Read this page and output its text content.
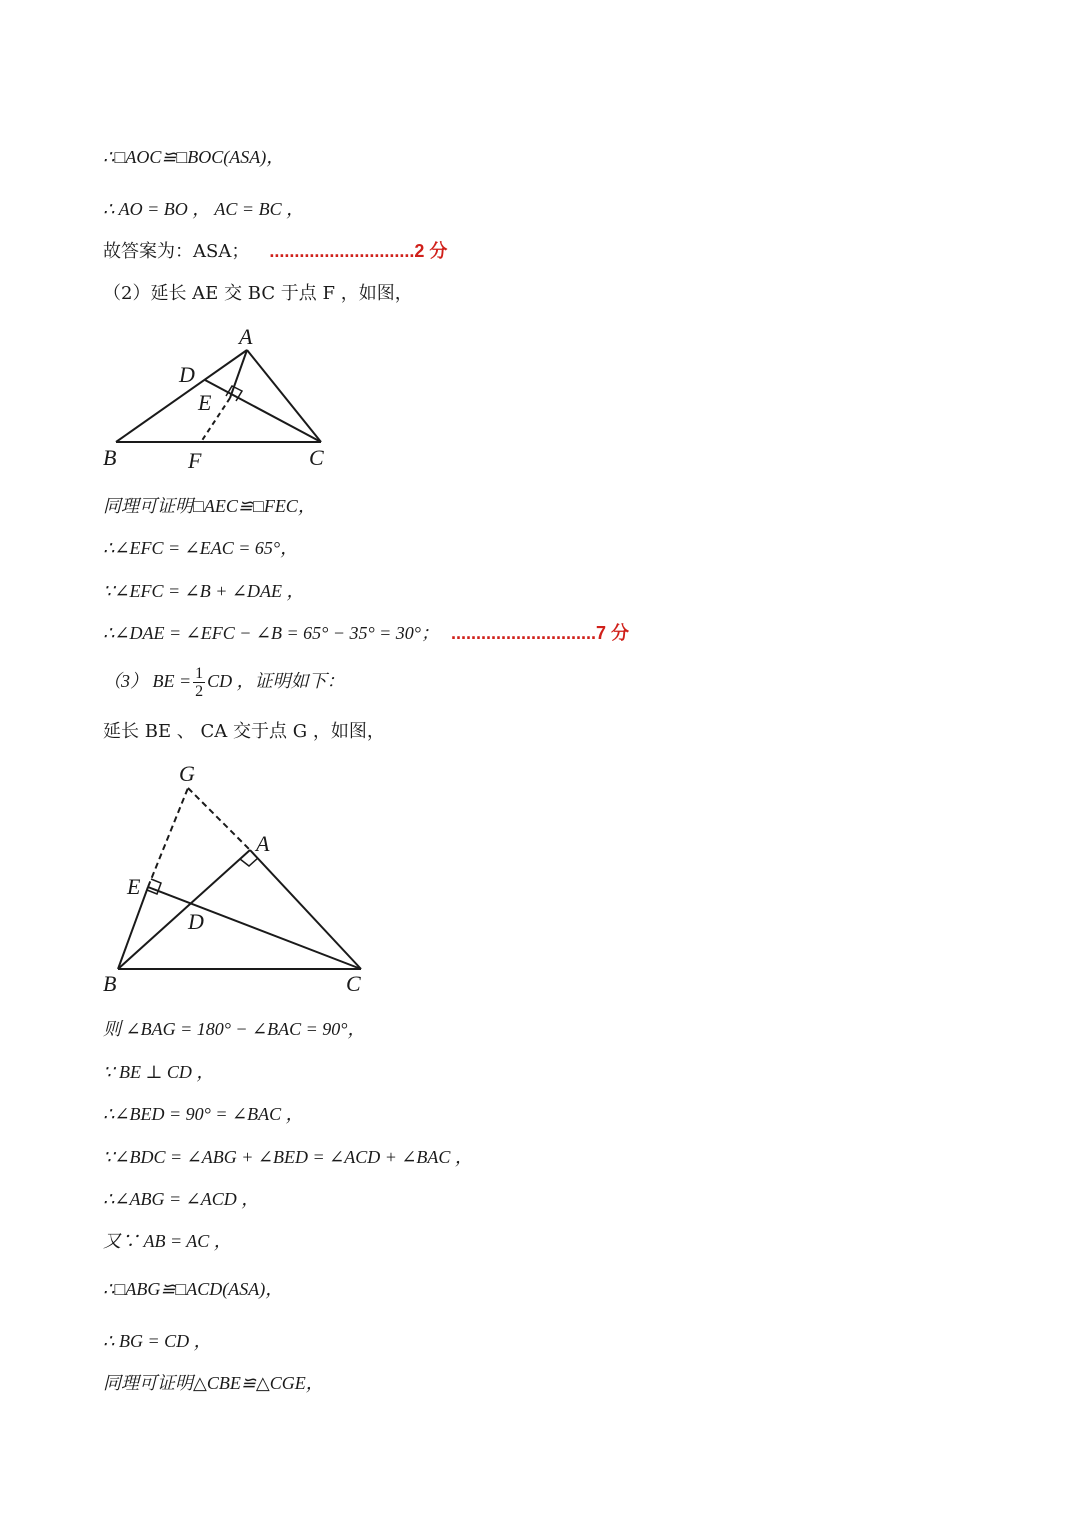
∴□AOC≌□BOC(ASA)，
∴ AO = BO ， AC = BC ，
故答案为：ASA； .............................2 分
（2）延长 AE 交 BC 于点 F ，如图，
A
D
E
B	F	C
同理可证明□AEC≌□FEC，
∴∠EFC = ∠EAC = 65°，
∵∠EFC = ∠B + ∠DAE ，
∴∠DAE = ∠EFC − ∠B = 65° − 35° = 30°； .............................7 分
（3） BE = $\frac{1}{2}$ CD ，证明如下：
延长 BE 、 CA 交于点 G ，如图，
G
A
E
D
B	C
则 ∠BAG = 180° − ∠BAC = 90°，
∵ BE ⊥ CD ，
∴∠BED = 90° = ∠BAC ，
∵∠BDC = ∠ABG + ∠BED = ∠ACD + ∠BAC ，
∴∠ABG = ∠ACD ，
又∵ AB = AC ，
∴□ABG≌□ACD(ASA)，
∴ BG = CD ，
同理可证明△CBE≌△CGE，
